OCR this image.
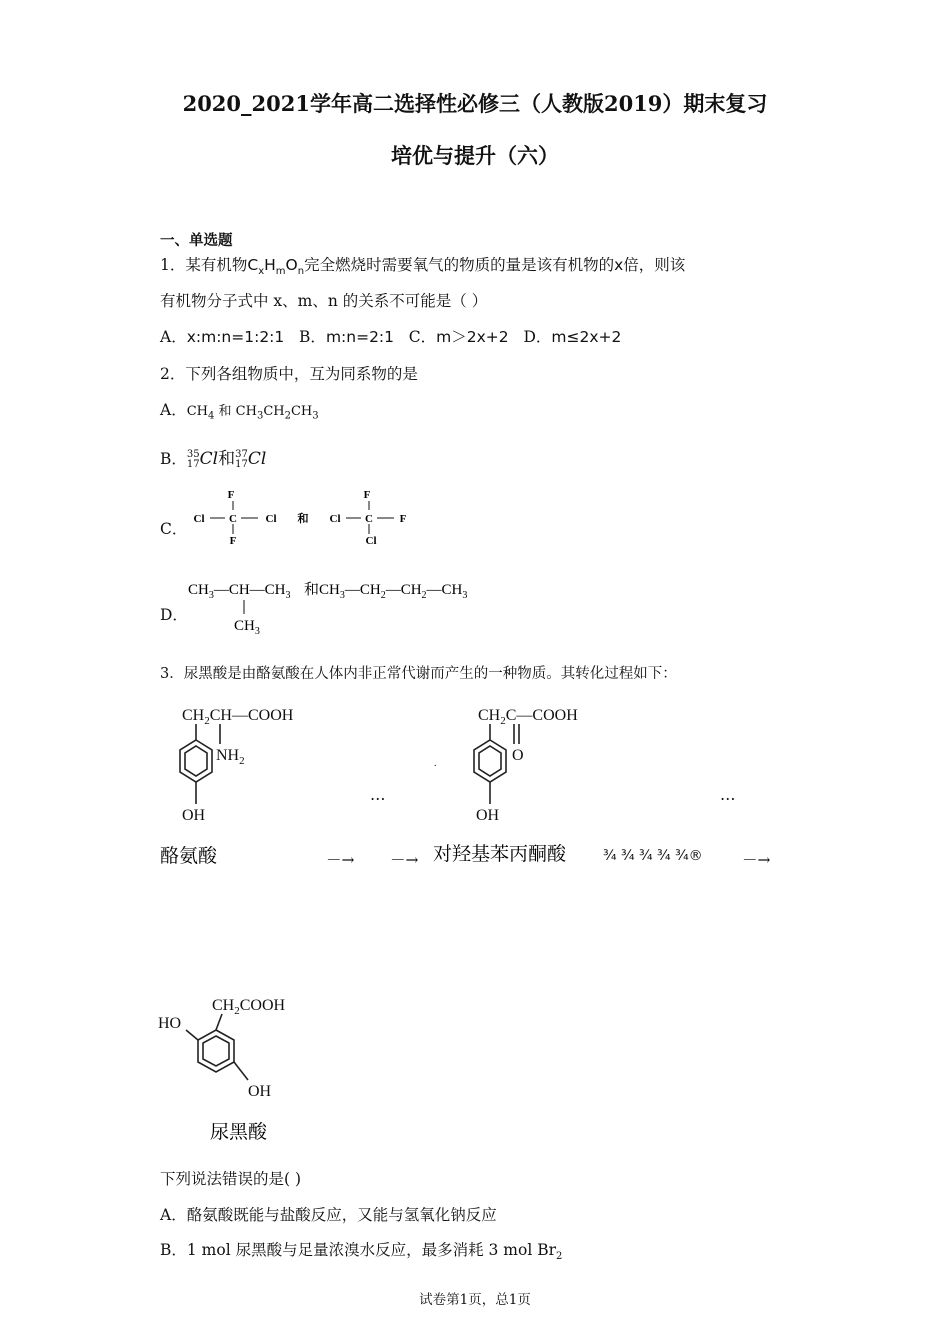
2020_2021学年高二选择性必修三（人教版2019）期末复习
培优与提升（六）
一、单选题
1．某有机物$C_xH_mO_n$完全燃烧时需要氧气的物质的量是该有机物的x倍，则该
有机物分子式中 x、m、n 的关系不可能是（ ）
A．x:m:n=1:2:1 B．m:n=2:1 C．m＞2x+2 D．m≤2x+2
2．下列各组物质中，互为同系物的是
A．$CH_4$ 和 $CH_3CH_2CH_3$
B．35
17Cl和37
17Cl
C．
F
Cl C	Cl
F
和
F
Cl C F
Cl
D．
$CH_3—CH—CH_3$ 和$CH_3—CH_2—CH_2—CH_3$
$CH_3$
3．尿黑酸是由酪氨酸在人体内非正常代谢而产生的一种物质。其转化过程如下：
$CH_2CH—COOH$
$NH_2$
OH
酪氨酸
…
－→ －→
$CH_2C—COOH$
O
OH
.
对羟基苯丙酮酸
…
¾ ¾ ¾ ¾ ¾®	－→
$CH_2COOH$
HO
OH
尿黑酸
下列说法错误的是( )
A．酪氨酸既能与盐酸反应，又能与氢氧化钠反应
B．1 mol 尿黑酸与足量浓溴水反应，最多消耗 3 mol $Br_2$
试卷第1页，总1页
